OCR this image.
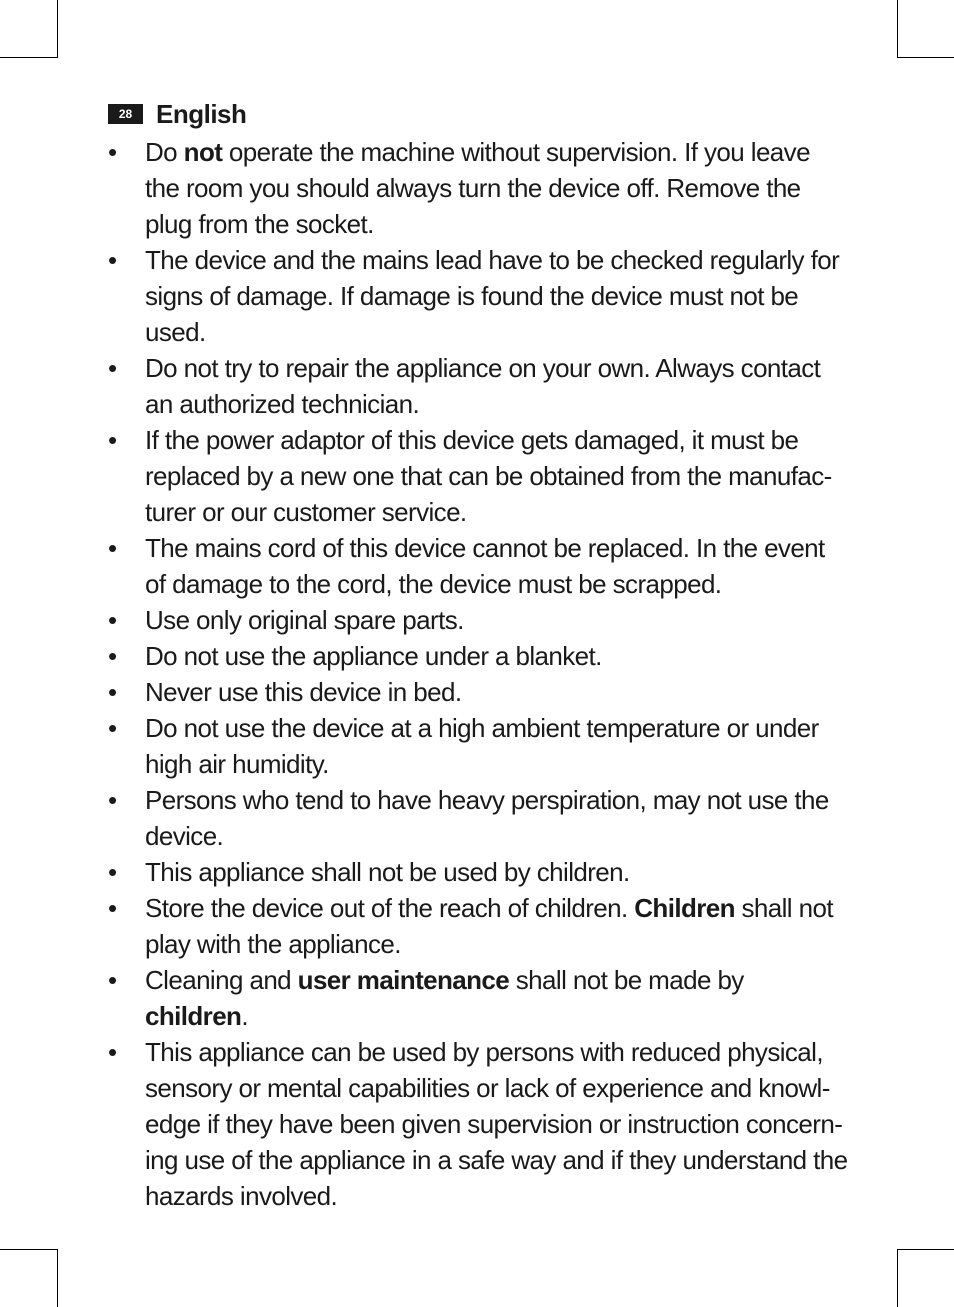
28 English
•	Do not operate the machine without supervision. If you leave the room you should always turn the device off. Remove the plug from the socket.
•	The device and the mains lead have to be checked regularly for signs of damage. If damage is found the device must not be used.
•	Do not try to repair the appliance on your own. Always contact an authorized technician.
•	If the power adaptor of this device gets damaged, it must be replaced by a new one that can be obtained from the manufac-turer or our customer service.
•	The mains cord of this device cannot be replaced. In the event of damage to the cord, the device must be scrapped.
•	Use only original spare parts.
•	Do not use the appliance under a blanket.
•	Never use this device in bed.
•	Do not use the device at a high ambient temperature or under high air humidity.
•	Persons who tend to have heavy perspiration, may not use the device.
•	This appliance shall not be used by children.
•	Store the device out of the reach of children. Children shall not play with the appliance.
•	Cleaning and user maintenance shall not be made by children.
•	This appliance can be used by persons with reduced physical, sensory or mental capabilities or lack of experience and knowl-edge if they have been given supervision or instruction concern-ing use of the appliance in a safe way and if they understand the hazards involved.
